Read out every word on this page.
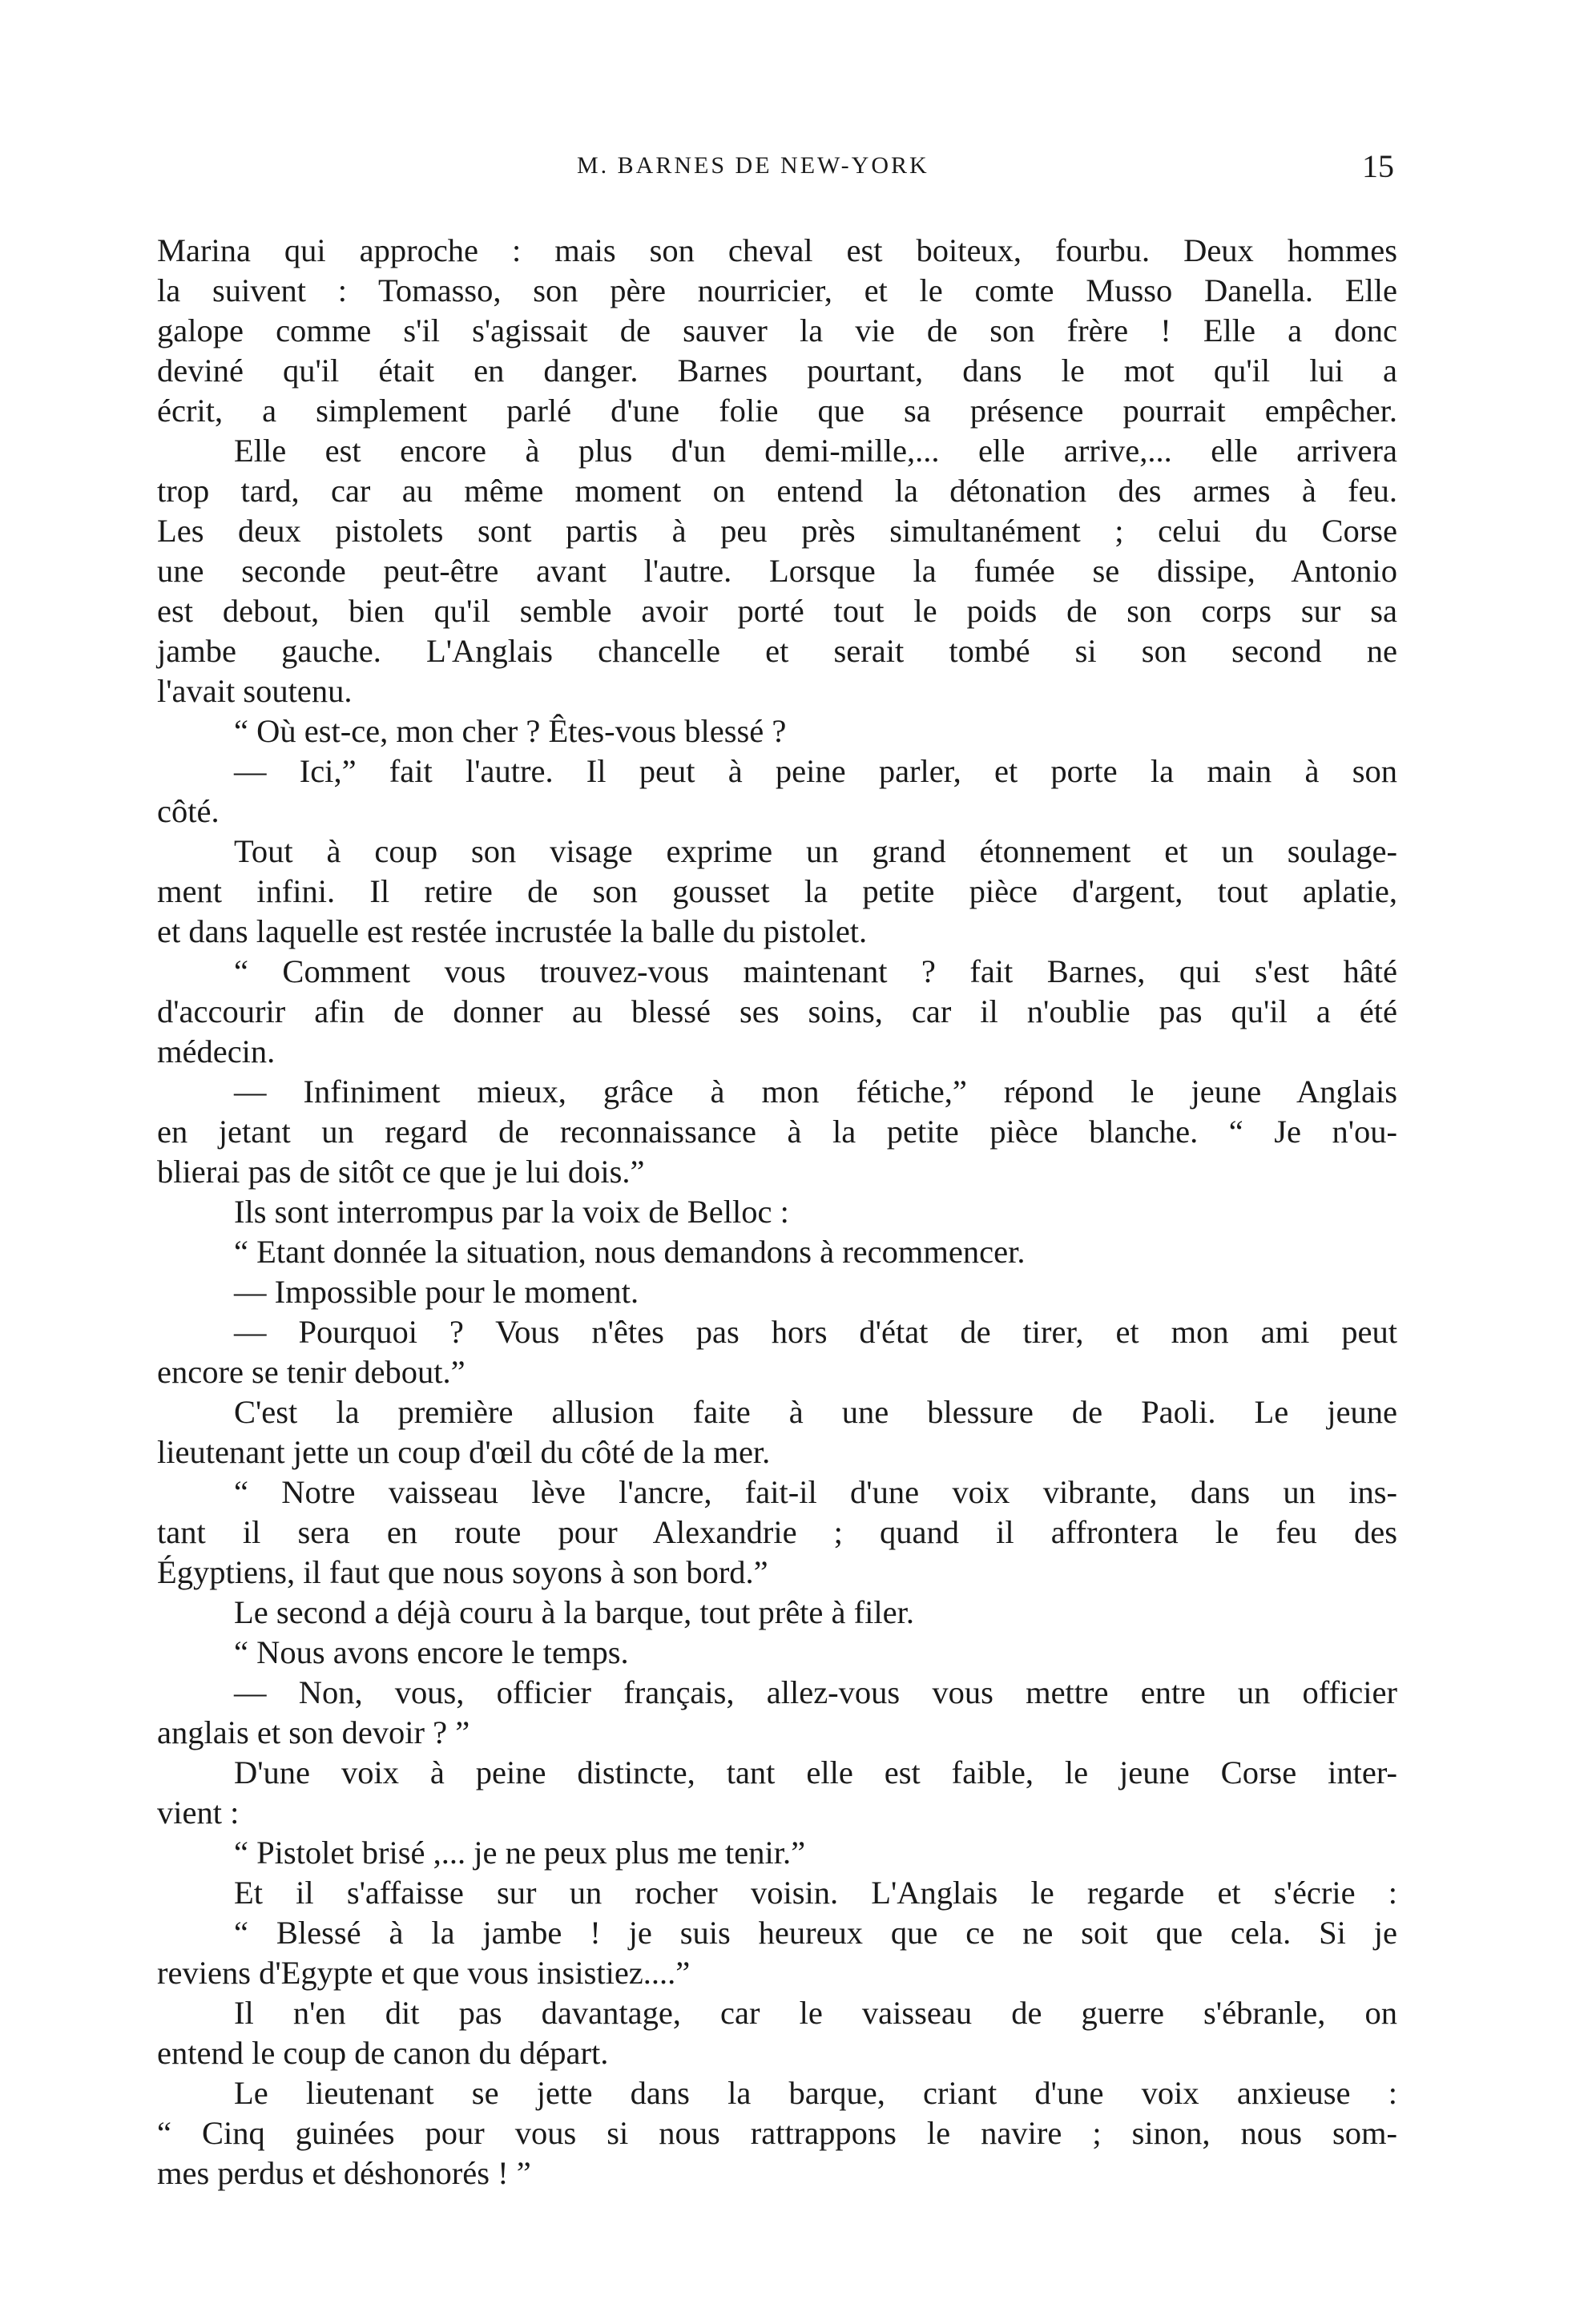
M. BARNES DE NEW-YORK	15
Marina qui approche : mais son cheval est boiteux, fourbu. Deux hommes
la suivent : Tomasso, son père nourricier, et le comte Musso Danella. Elle
galope comme s'il s'agissait de sauver la vie de son frère ! Elle a donc
deviné qu'il était en danger. Barnes pourtant, dans le mot qu'il lui a
écrit, a simplement parlé d'une folie que sa présence pourrait empêcher.
Elle est encore à plus d'un demi-mille,... elle arrive,... elle arrivera
trop tard, car au même moment on entend la détonation des armes à feu.
Les deux pistolets sont partis à peu près simultanément ; celui du Corse
une seconde peut-être avant l'autre. Lorsque la fumée se dissipe, Antonio
est debout, bien qu'il semble avoir porté tout le poids de son corps sur sa
jambe gauche. L'Anglais chancelle et serait tombé si son second ne
l'avait soutenu.
“ Où est-ce, mon cher ? Êtes-vous blessé ?
— Ici,” fait l'autre. Il peut à peine parler, et porte la main à son
côté.
Tout à coup son visage exprime un grand étonnement et un soulage-
ment infini. Il retire de son gousset la petite pièce d'argent, tout aplatie,
et dans laquelle est restée incrustée la balle du pistolet.
“ Comment vous trouvez-vous maintenant ? fait Barnes, qui s'est hâté
d'accourir afin de donner au blessé ses soins, car il n'oublie pas qu'il a été
médecin.
— Infiniment mieux, grâce à mon fétiche,” répond le jeune Anglais
en jetant un regard de reconnaissance à la petite pièce blanche. “ Je n'ou-
blierai pas de sitôt ce que je lui dois.”
Ils sont interrompus par la voix de Belloc :
“ Etant donnée la situation, nous demandons à recommencer.
— Impossible pour le moment.
— Pourquoi ? Vous n'êtes pas hors d'état de tirer, et mon ami peut
encore se tenir debout.”
C'est la première allusion faite à une blessure de Paoli. Le jeune
lieutenant jette un coup d'œil du côté de la mer.
“ Notre vaisseau lève l'ancre, fait-il d'une voix vibrante, dans un ins-
tant il sera en route pour Alexandrie ; quand il affrontera le feu des
Égyptiens, il faut que nous soyons à son bord.”
Le second a déjà couru à la barque, tout prête à filer.
“ Nous avons encore le temps.
— Non, vous, officier français, allez-vous vous mettre entre un officier
anglais et son devoir ? ”
D'une voix à peine distincte, tant elle est faible, le jeune Corse inter-
vient :
“ Pistolet brisé ,... je ne peux plus me tenir.”
Et il s'affaisse sur un rocher voisin. L'Anglais le regarde et s'écrie :
“ Blessé à la jambe ! je suis heureux que ce ne soit que cela. Si je
reviens d'Egypte et que vous insistiez....”
Il n'en dit pas davantage, car le vaisseau de guerre s'ébranle, on
entend le coup de canon du départ.
Le lieutenant se jette dans la barque, criant d'une voix anxieuse :
“ Cinq guinées pour vous si nous rattrappons le navire ; sinon, nous som-
mes perdus et déshonorés ! ”
